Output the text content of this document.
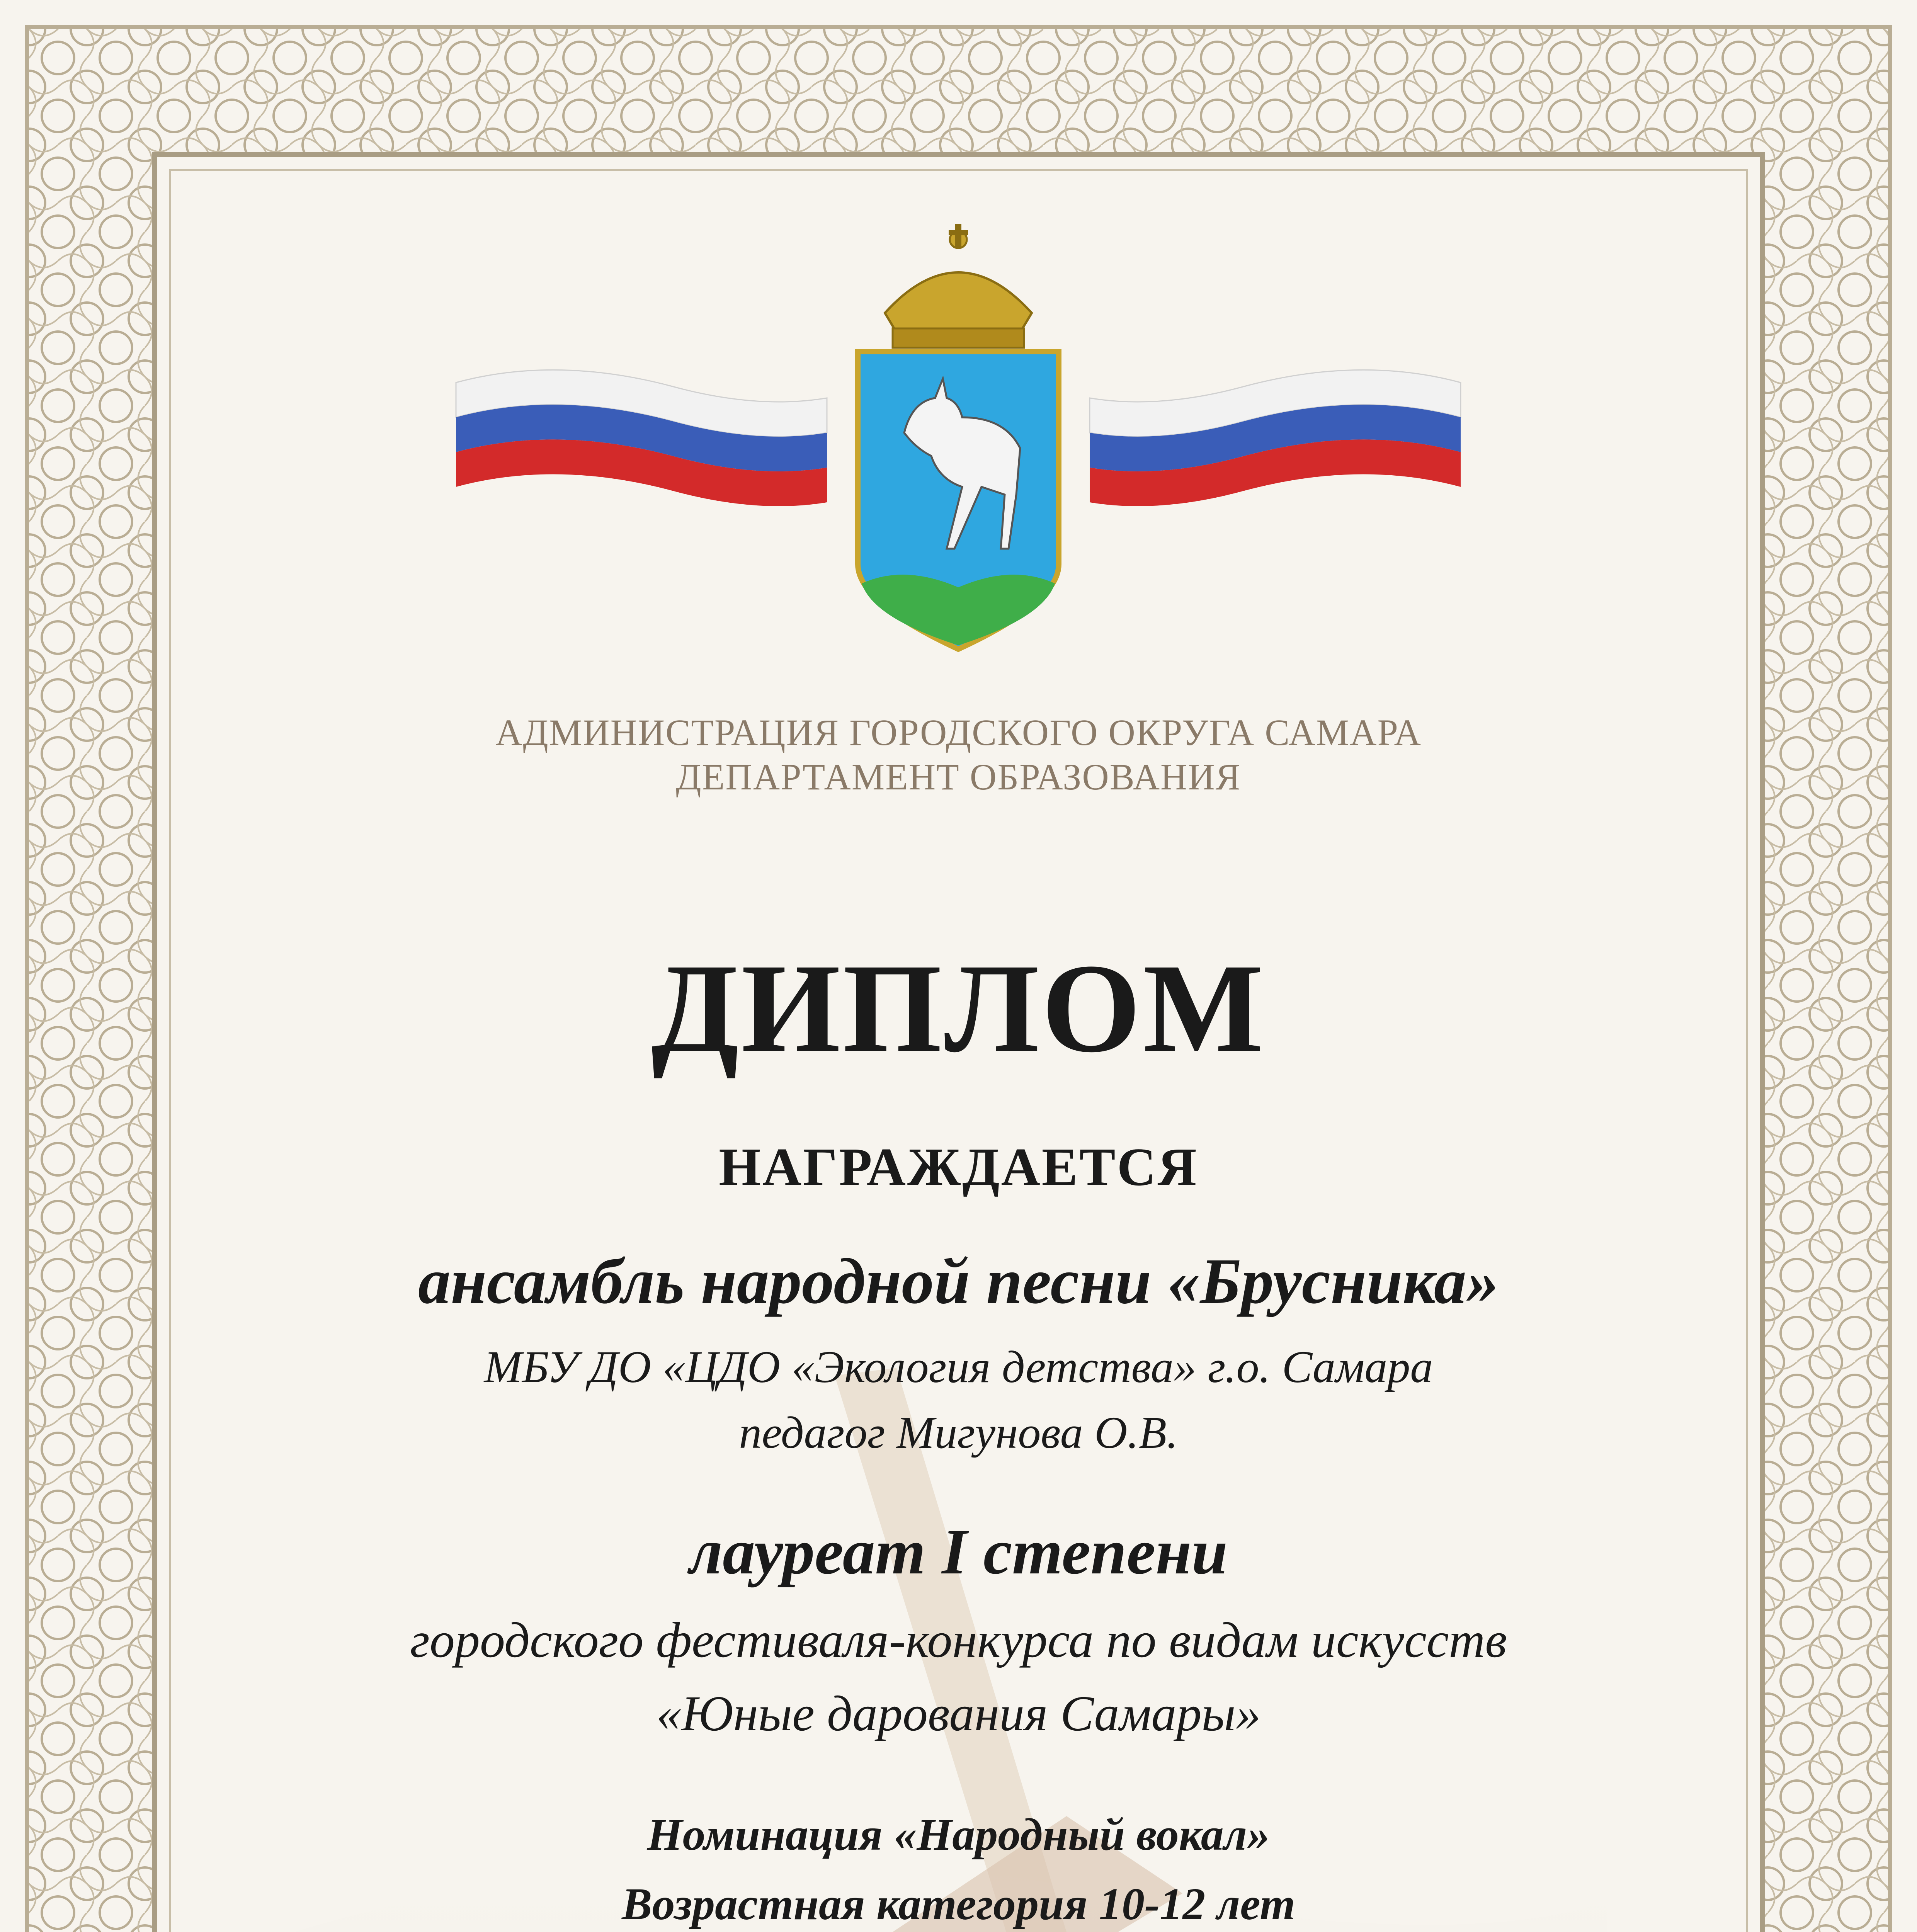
АДМИНИСТРАЦИЯ ГОРОДСКОГО ОКРУГА САМАРА
ДЕПАРТАМЕНТ ОБРАЗОВАНИЯ
ДИПЛОМ
НАГРАЖДАЕТСЯ
ансамбль народной песни «Брусника»
МБУ ДО «ЦДО «Экология детства» г.о. Самара
педагог Мигунова О.В.
лауреат I степени
городского фестиваля-конкурса по видам искусств
«Юные дарования Самары»
Номинация «Народный вокал»
Возрастная категория 10-12 лет
